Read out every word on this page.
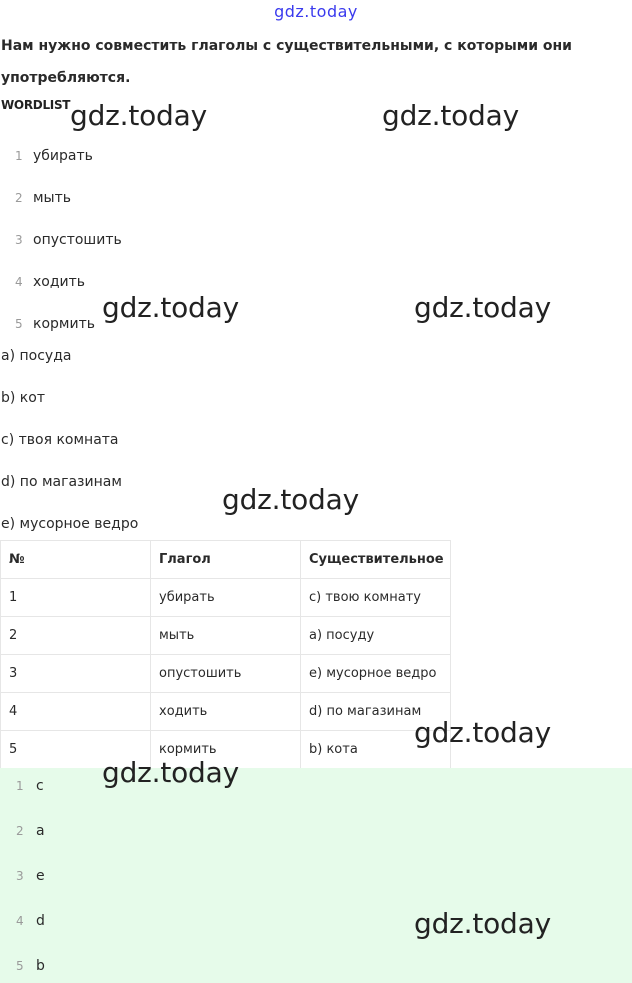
gdz.today
Нам нужно совместить глаголы с существительными, с которыми они употребляются.
WORDLIST
1 убирать
2 мыть
3 опустошить
4 ходить
5 кормить
a) посуда
b) кот
c) твоя комната
d) по магазинам
e) мусорное ведро
№	Глагол	Существительное
1	убирать	c) твою комнату
2	мыть	a) посуду
3	опустошить	e) мусорное ведро
4	ходить	d) по магазинам
5	кормить	b) кота
1 c
2 a
3 e
4 d
5 b
gdz.today	gdz.today
gdz.today	gdz.today
gdz.today
gdz.today
gdz.today
gdz.today
